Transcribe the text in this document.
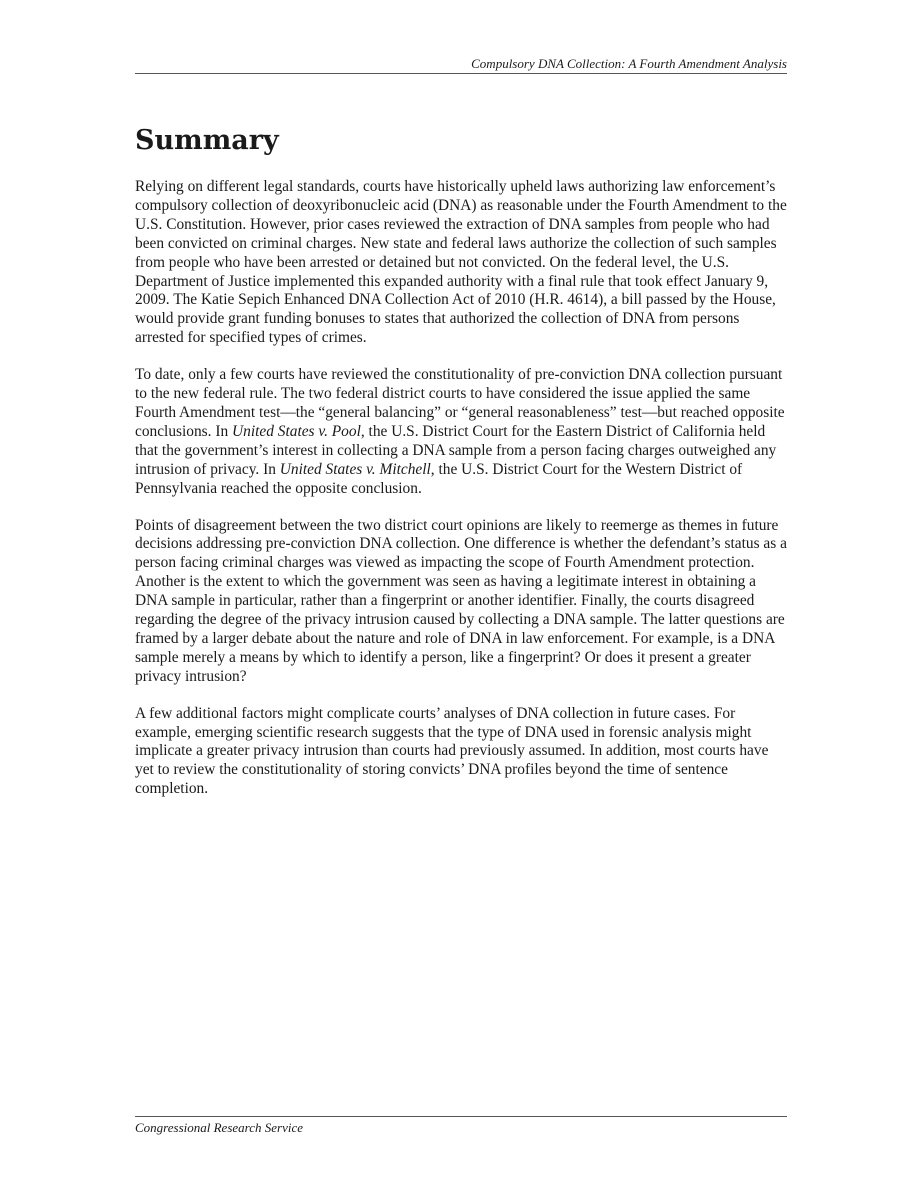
Compulsory DNA Collection: A Fourth Amendment Analysis
Summary

Relying on different legal standards, courts have historically upheld laws authorizing law enforcement’s compulsory collection of deoxyribonucleic acid (DNA) as reasonable under the Fourth Amendment to the U.S. Constitution. However, prior cases reviewed the extraction of DNA samples from people who had been convicted on criminal charges. New state and federal laws authorize the collection of such samples from people who have been arrested or detained but not convicted. On the federal level, the U.S. Department of Justice implemented this expanded authority with a final rule that took effect January 9, 2009. The Katie Sepich Enhanced DNA Collection Act of 2010 (H.R. 4614), a bill passed by the House, would provide grant funding bonuses to states that authorized the collection of DNA from persons arrested for specified types of crimes.

To date, only a few courts have reviewed the constitutionality of pre-conviction DNA collection pursuant to the new federal rule. The two federal district courts to have considered the issue applied the same Fourth Amendment test—the “general balancing” or “general reasonableness” test—but reached opposite conclusions. In United States v. Pool, the U.S. District Court for the Eastern District of California held that the government’s interest in collecting a DNA sample from a person facing charges outweighed any intrusion of privacy. In United States v. Mitchell, the U.S. District Court for the Western District of Pennsylvania reached the opposite conclusion.

Points of disagreement between the two district court opinions are likely to reemerge as themes in future decisions addressing pre-conviction DNA collection. One difference is whether the defendant’s status as a person facing criminal charges was viewed as impacting the scope of Fourth Amendment protection. Another is the extent to which the government was seen as having a legitimate interest in obtaining a DNA sample in particular, rather than a fingerprint or another identifier. Finally, the courts disagreed regarding the degree of the privacy intrusion caused by collecting a DNA sample. The latter questions are framed by a larger debate about the nature and role of DNA in law enforcement. For example, is a DNA sample merely a means by which to identify a person, like a fingerprint? Or does it present a greater privacy intrusion?

A few additional factors might complicate courts’ analyses of DNA collection in future cases. For example, emerging scientific research suggests that the type of DNA used in forensic analysis might implicate a greater privacy intrusion than courts had previously assumed. In addition, most courts have yet to review the constitutionality of storing convicts’ DNA profiles beyond the time of sentence completion.

Congressional Research Service
